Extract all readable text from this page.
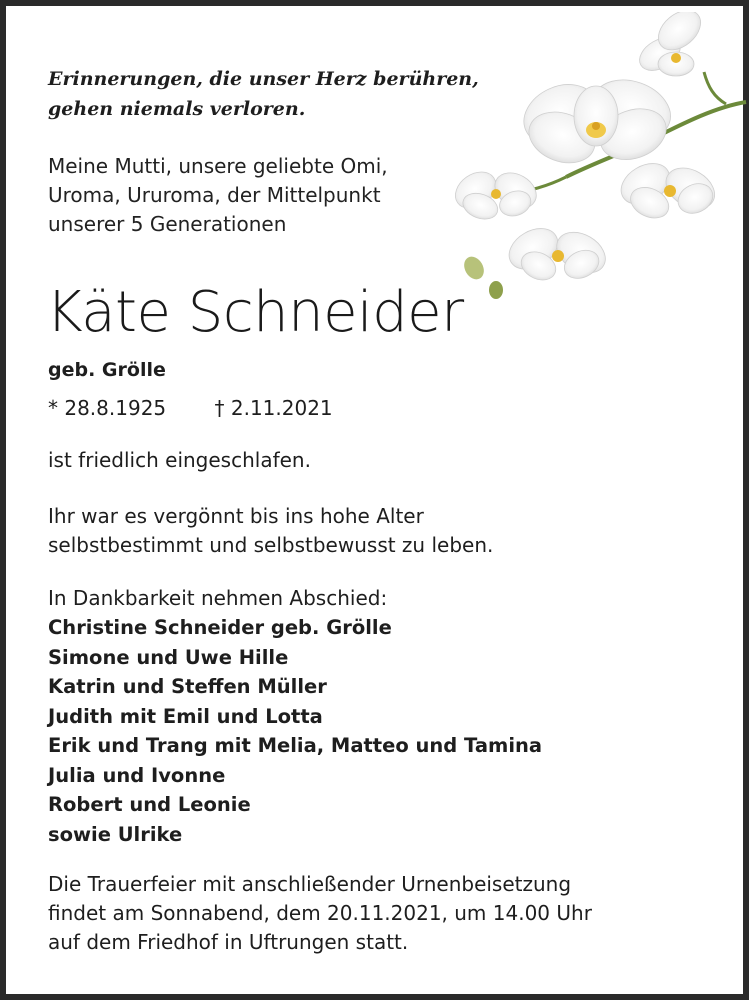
Erinnerungen, die unser Herz berühren,
gehen niemals verloren.
Meine Mutti, unsere geliebte Omi,
Uroma, Ururoma, der Mittelpunkt
unserer 5 Generationen
Käte Schneider
geb. Grölle
* 28.8.1925 † 2.11.2021
ist friedlich eingeschlafen.
Ihr war es vergönnt bis ins hohe Alter
selbstbestimmt und selbstbewusst zu leben.
In Dankbarkeit nehmen Abschied:
Christine Schneider geb. Grölle
Simone und Uwe Hille
Katrin und Steffen Müller
Judith mit Emil und Lotta
Erik und Trang mit Melia, Matteo und Tamina
Julia und Ivonne
Robert und Leonie
sowie Ulrike
Die Trauerfeier mit anschließender Urnenbeisetzung
findet am Sonnabend, dem 20.11.2021, um 14.00 Uhr
auf dem Friedhof in Uftrungen statt.
